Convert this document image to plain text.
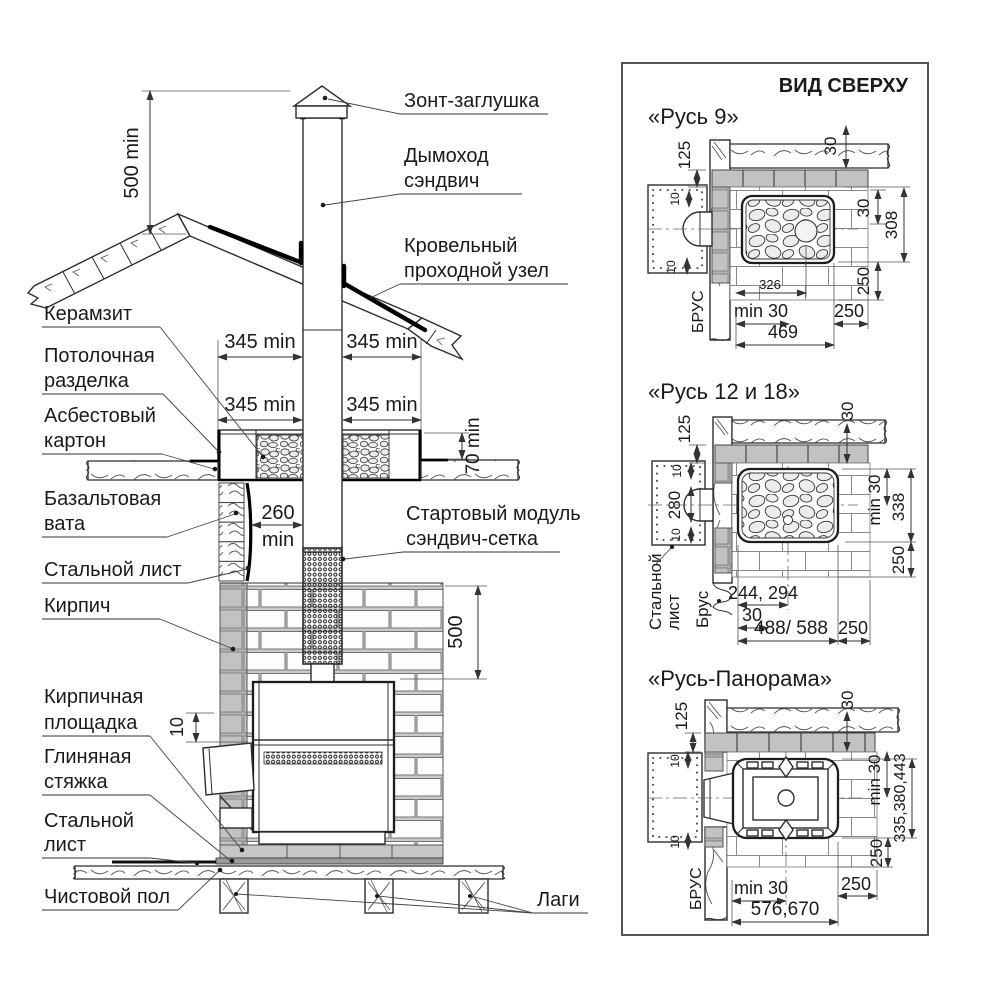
500 min
345 min	345 min
345 min	345 min
70 min
260
min
500
10
Зонт-заглушка
Дымоход
сэндвич
Кровельный
проходной узел
Стартовый модуль
сэндвич-сетка
Керамзит
Потолочная
разделка
Асбестовый
картон
Базальтовая
вата
Стальной лист
Кирпич
Кирпичная
площадка
Глиняная
стяжка
Стальной
лист
Чистовой пол	Лаги
ВИД СВЕРХУ
«Русь 9»
30
125
10
10
30
308
250
326
min 30	250
469
БРУС
«Русь 12 и 18»
30
125
10
280
10
min 30 338
250
244, 294
30
488/ 588 250
Стальной лист Брус
«Русь-Панорама»
30
125
10
10
min 30 335,380,443
250
min 30	250
576,670
БРУС
